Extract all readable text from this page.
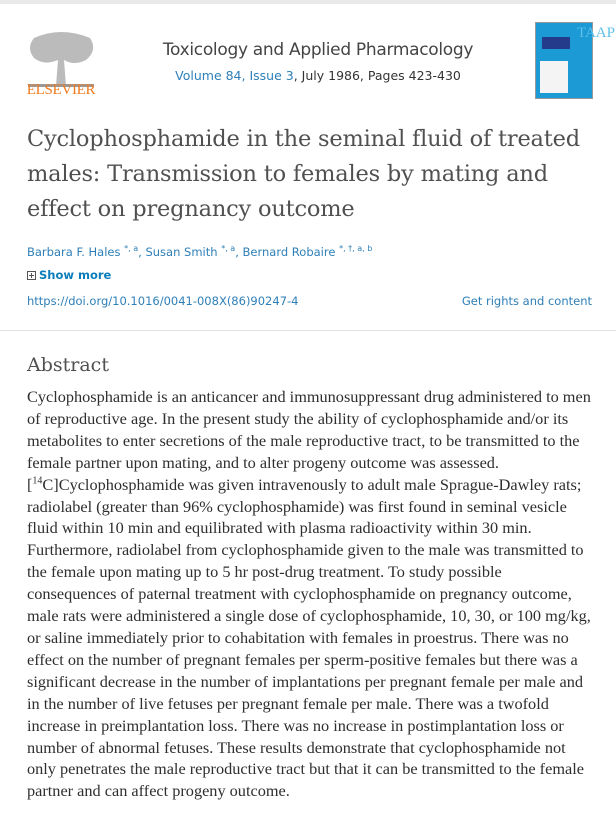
ELSEVIER
Toxicology and Applied Pharmacology
Volume 84, Issue 3, July 1986, Pages 423-430
TAAP
Cyclophosphamide in the seminal fluid of treated males: Transmission to females by mating and effect on pregnancy outcome
Barbara F. Hales $^{*, a}$, Susan Smith $^{*, a}$, Bernard Robaire $^{*, \dagger, a, b}$
Show more
https://doi.org/10.1016/0041-008X(86)90247-4	Get rights and content
Abstract

Cyclophosphamide is an anticancer and immunosuppressant drug administered to men of reproductive age. In the present study the ability of cyclophosphamide and/or its metabolites to enter secretions of the male reproductive tract, to be transmitted to the female partner upon mating, and to alter progeny outcome was assessed. [$^{14}$C]Cyclophosphamide was given intravenously to adult male Sprague-Dawley rats; radiolabel (greater than 96% cyclophosphamide) was first found in seminal vesicle fluid within 10 min and equilibrated with plasma radioactivity within 30 min. Furthermore, radiolabel from cyclophosphamide given to the male was transmitted to the female upon mating up to 5 hr post-drug treatment. To study possible consequences of paternal treatment with cyclophosphamide on pregnancy outcome, male rats were administered a single dose of cyclophosphamide, 10, 30, or 100 mg/kg, or saline immediately prior to cohabitation with females in proestrus. There was no effect on the number of pregnant females per sperm-positive females but there was a significant decrease in the number of implantations per pregnant female per male and in the number of live fetuses per pregnant female per male. There was a twofold increase in preimplantation loss. There was no increase in postimplantation loss or number of abnormal fetuses. These results demonstrate that cyclophosphamide not only penetrates the male reproductive tract but that it can be transmitted to the female partner and can affect progeny outcome.
